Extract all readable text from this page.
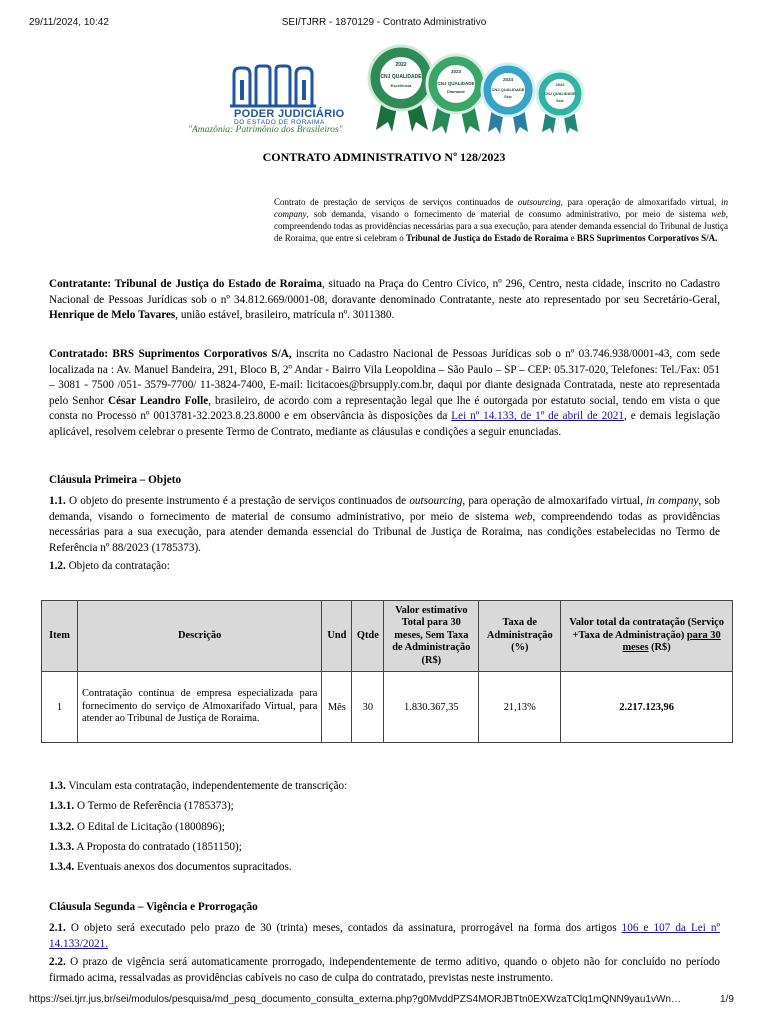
29/11/2024, 10:42	SEI/TJRR - 1870129 - Contrato Administrativo
PODER JUDICIÁRIO
DO ESTADO DE RORAIMA
"Amazônia: Patrimônio dos Brasileiros"
2022
CNJ QUALIDADE
Excelência
2023
CNJ QUALIDADE
Diamante
2024
CNJ QUALIDADE
Selo
2024
CNJ QUALIDADE
Selo
CONTRATO ADMINISTRATIVO Nº 128/2023
Contrato de prestação de serviços de serviços continuados de outsourcing, para operação de almoxarifado virtual, in company, sob demanda, visando o fornecimento de material de consumo administrativo, por meio de sistema web, compreendendo todas as providências necessárias para a sua execução, para atender demanda essencial do Tribunal de Justiça de Roraima, que entre si celebram o Tribunal de Justiça do Estado de Roraima e BRS Suprimentos Corporativos S/A.
Contratante: Tribunal de Justiça do Estado de Roraima, situado na Praça do Centro Cívico, nº 296, Centro, nesta cidade, inscrito no Cadastro Nacional de Pessoas Jurídicas sob o nº 34.812.669/0001-08, doravante denominado Contratante, neste ato representado por seu Secretário-Geral, Henrique de Melo Tavares, união estável, brasileiro, matrícula nº. 3011380.
Contratado: BRS Suprimentos Corporativos S/A, inscrita no Cadastro Nacional de Pessoas Jurídicas sob o nº 03.746.938/0001-43, com sede localizada na : Av. Manuel Bandeira, 291, Bloco B, 2º Andar - Bairro Vila Leopoldina – São Paulo – SP – CEP: 05.317-020, Telefones: Tel./Fax: 051 – 3081 - 7500 /051- 3579-7700/ 11-3824-7400, E-mail: licitacoes@brsupply.com.br, daqui por diante designada Contratada, neste ato representada pelo Senhor César Leandro Folle, brasileiro, de acordo com a representação legal que lhe é outorgada por estatuto social, tendo em vista o que consta no Processo nº 0013781-32.2023.8.23.8000 e em observância às disposições da Lei nº 14.133, de 1º de abril de 2021, e demais legislação aplicável, resolvem celebrar o presente Termo de Contrato, mediante as cláusulas e condições a seguir enunciadas.
Cláusula Primeira – Objeto
1.1. O objeto do presente instrumento é a prestação de serviços continuados de outsourcing, para operação de almoxarifado virtual, in company, sob demanda, visando o fornecimento de material de consumo administrativo, por meio de sistema web, compreendendo todas as providências necessárias para a sua execução, para atender demanda essencial do Tribunal de Justiça de Roraima, nas condições estabelecidas no Termo de Referência nº 88/2023 (1785373).
1.2. Objeto da contratação:
Item	Descrição	Und	Qtde	Valor estimativo Total para 30 meses, Sem Taxa de Administração (R$)	Taxa de Administração (%)	Valor total da contratação (Serviço +Taxa de Administração) para 30 meses (R$)
1	Contratação contínua de empresa especializada para fornecimento do serviço de Almoxarifado Virtual, para atender ao Tribunal de Justiça de Roraima.	Mês	30	1.830.367,35	21,13%	2.217.123,96
1.3. Vinculam esta contratação, independentemente de transcrição:
1.3.1. O Termo de Referência (1785373);
1.3.2. O Edital de Licitação (1800896);
1.3.3. A Proposta do contratado (1851150);
1.3.4. Eventuais anexos dos documentos supracitados.
Cláusula Segunda – Vigência e Prorrogação
2.1. O objeto será executado pelo prazo de 30 (trinta) meses, contados da assinatura, prorrogável na forma dos artigos 106 e 107 da Lei nº 14.133/2021.
2.2. O prazo de vigência será automaticamente prorrogado, independentemente de termo aditivo, quando o objeto não for concluído no período firmado acima, ressalvadas as providências cabíveis no caso de culpa do contratado, previstas neste instrumento.
https://sei.tjrr.jus.br/sei/modulos/pesquisa/md_pesq_documento_consulta_externa.php?g0MvddPZS4MORJBTtn0EXWzaTClq1mQNN9yau1vWn…	1/9
